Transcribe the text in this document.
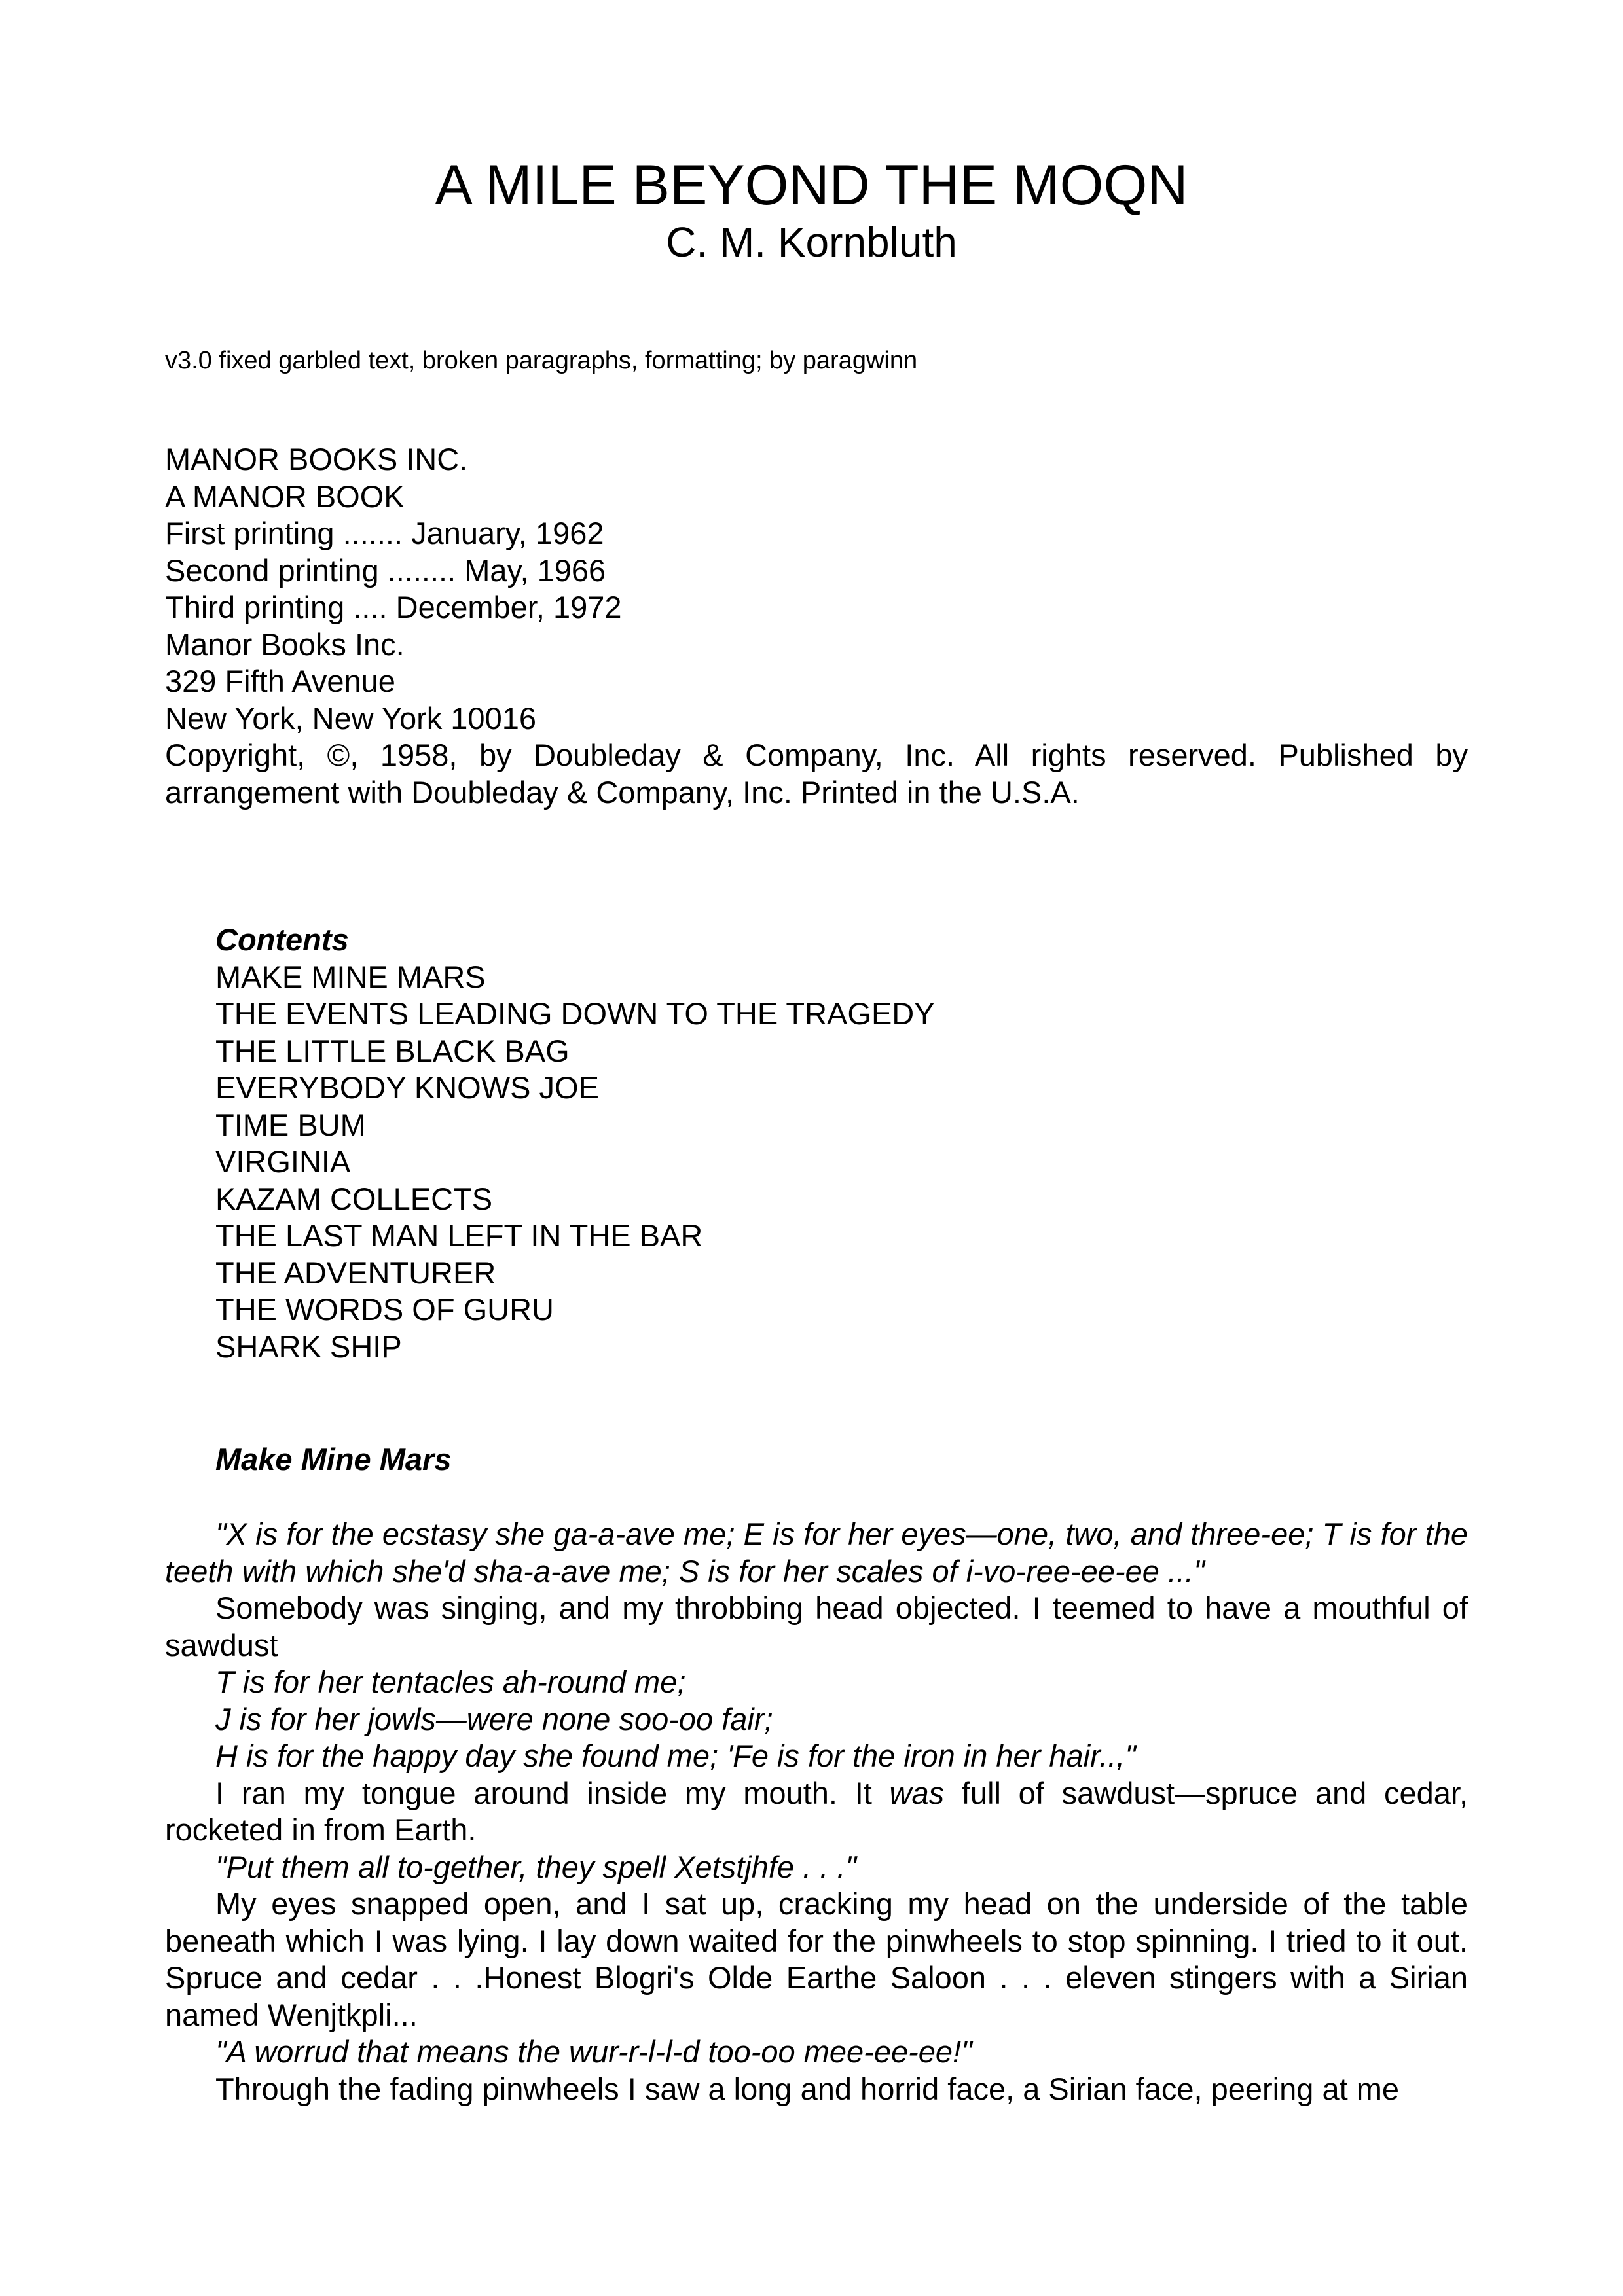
A MILE BEYOND THE MOQN
C. M. Kornbluth
v3.0 fixed garbled text, broken paragraphs, formatting; by paragwinn
MANOR BOOKS INC.
A MANOR BOOK
First printing ....... January, 1962
Second printing ........ May, 1966
Third printing .... December, 1972
Manor Books Inc.
329 Fifth Avenue
New York, New York 10016
Copyright, ©, 1958, by Doubleday & Company, Inc. All rights reserved. Published by arrangement with Doubleday & Company, Inc. Printed in the U.S.A.
Contents
MAKE MINE MARS
THE EVENTS LEADING DOWN TO THE TRAGEDY
THE LITTLE BLACK BAG
EVERYBODY KNOWS JOE
TIME BUM
VIRGINIA
KAZAM COLLECTS
THE LAST MAN LEFT IN THE BAR
THE ADVENTURER
THE WORDS OF GURU
SHARK SHIP
Make Mine Mars
"X is for the ecstasy she ga-a-ave me; E is for her eyes—one, two, and three-ee; T is for the teeth with which she'd sha-a-ave me; S is for her scales of i-vo-ree-ee-ee ..."
Somebody was singing, and my throbbing head objected. I teemed to have a mouthful of sawdust
T is for her tentacles ah-round me;
J is for her jowls—were none soo-oo fair;
H is for the happy day she found me; 'Fe is for the iron in her hair..,"
I ran my tongue around inside my mouth. It was full of sawdust—spruce and cedar, rocketed in from Earth.
"Put them all to-gether, they spell Xetstjhfe . . ."
My eyes snapped open, and I sat up, cracking my head on the underside of the table beneath which I was lying. I lay down waited for the pinwheels to stop spinning. I tried to it out. Spruce and cedar . . .Honest Blogri's Olde Earthe Saloon . . . eleven stingers with a Sirian named Wenjtkpli...
"A worrud that means the wur-r-l-l-d too-oo mee-ee-ee!"
Through the fading pinwheels I saw a long and horrid face, a Sirian face, peering at me
